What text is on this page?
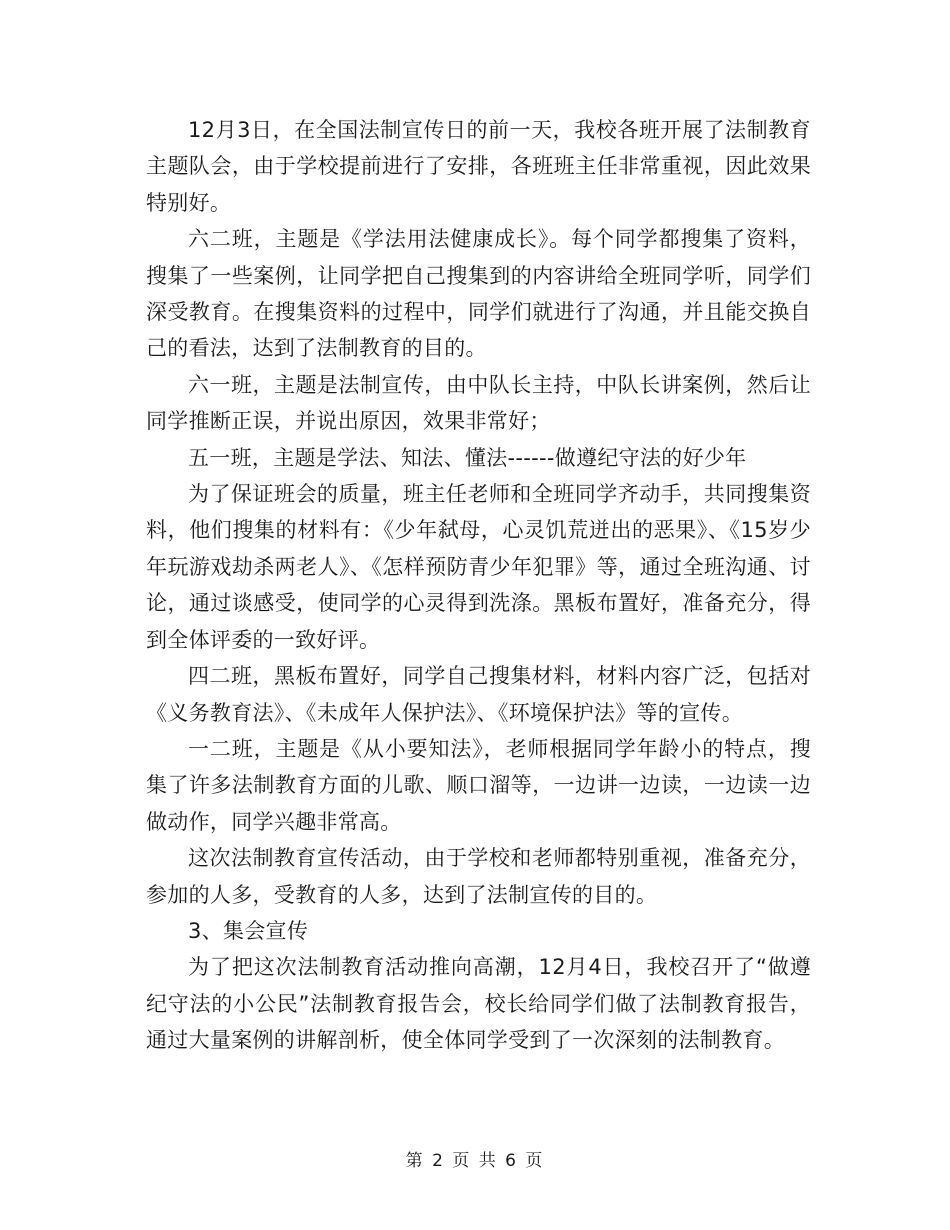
12月3日，在全国法制宣传日的前一天，我校各班开展了法制教育主题队会，由于学校提前进行了安排，各班班主任非常重视，因此效果特别好。

六二班，主题是《学法用法健康成长》。每个同学都搜集了资料，搜集了一些案例，让同学把自己搜集到的内容讲给全班同学听，同学们深受教育。在搜集资料的过程中，同学们就进行了沟通，并且能交换自己的看法，达到了法制教育的目的。

六一班，主题是法制宣传，由中队长主持，中队长讲案例，然后让同学推断正误，并说出原因，效果非常好；

五一班，主题是学法、知法、懂法------做遵纪守法的好少年

为了保证班会的质量，班主任老师和全班同学齐动手，共同搜集资料，他们搜集的材料有：《少年弑母，心灵饥荒迸出的恶果》、《15岁少年玩游戏劫杀两老人》、《怎样预防青少年犯罪》等，通过全班沟通、讨论，通过谈感受，使同学的心灵得到洗涤。黑板布置好，准备充分，得到全体评委的一致好评。

四二班，黑板布置好，同学自己搜集材料，材料内容广泛，包括对《义务教育法》、《未成年人保护法》、《环境保护法》等的宣传。

一二班，主题是《从小要知法》，老师根据同学年龄小的特点，搜集了许多法制教育方面的儿歌、顺口溜等，一边讲一边读，一边读一边做动作，同学兴趣非常高。

这次法制教育宣传活动，由于学校和老师都特别重视，准备充分，参加的人多，受教育的人多，达到了法制宣传的目的。

3、集会宣传

为了把这次法制教育活动推向高潮，12月4日，我校召开了“做遵纪守法的小公民”法制教育报告会，校长给同学们做了法制教育报告，通过大量案例的讲解剖析，使全体同学受到了一次深刻的法制教育。

第 2 页 共 6 页
